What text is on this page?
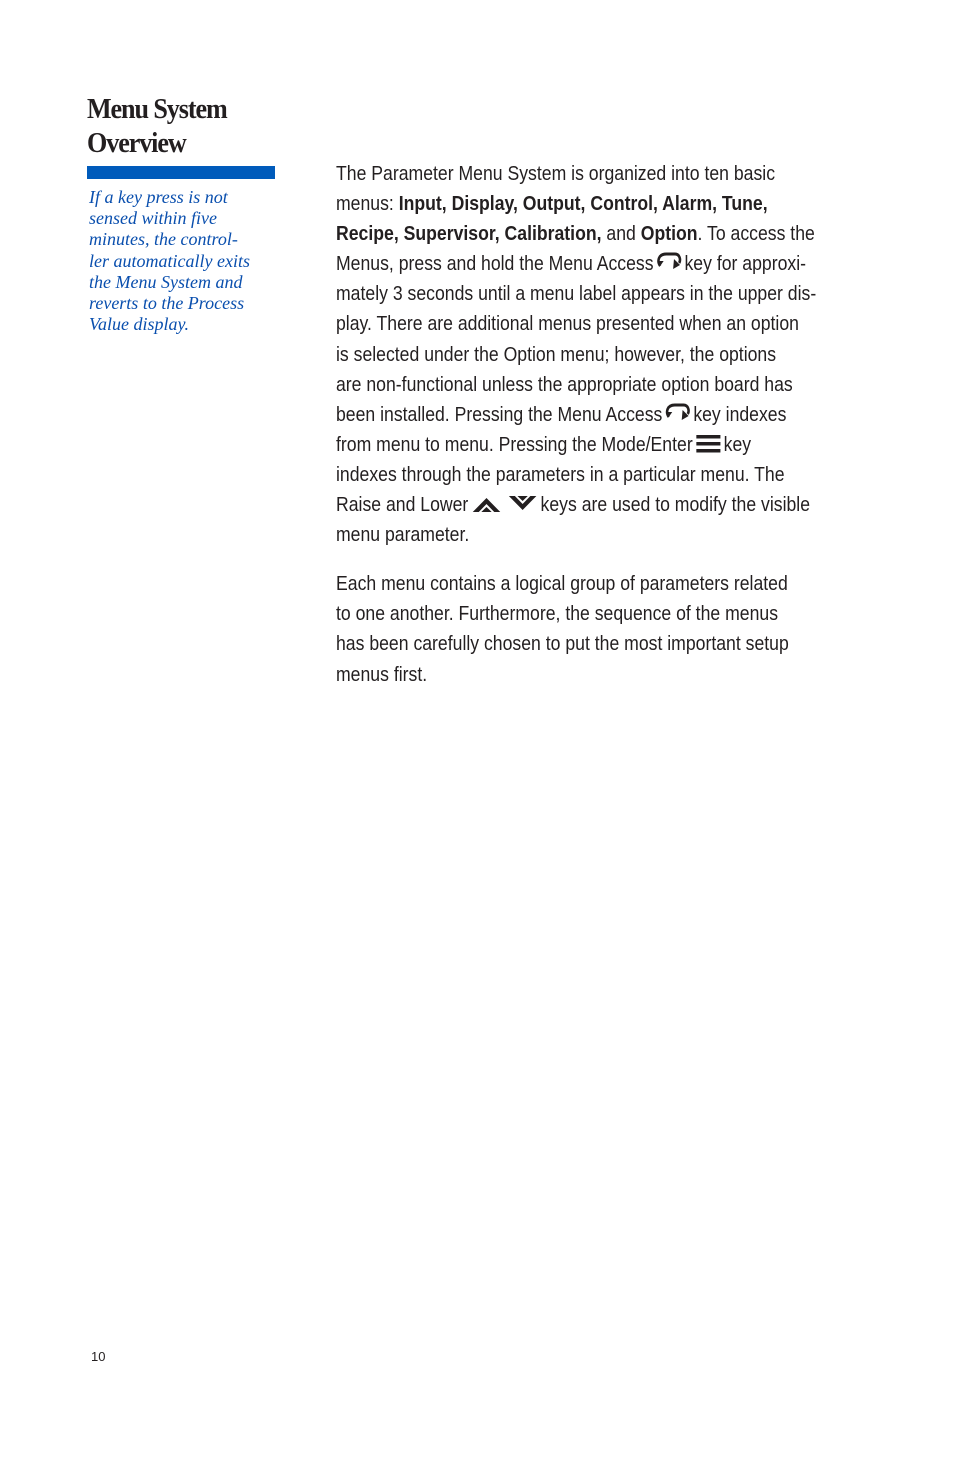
Menu System
Overview
If a key press is not
sensed within five
minutes, the control-
ler automatically exits
the Menu System and
reverts to the Process
Value display.
The Parameter Menu System is organized into ten basic
menus: Input, Display, Output, Control, Alarm, Tune,
Recipe, Supervisor, Calibration, and Option. To access the
Menus, press and hold the Menu Access key for approxi-
mately 3 seconds until a menu label appears in the upper dis-
play. There are additional menus presented when an option
is selected under the Option menu; however, the options
are non-functional unless the appropriate option board has
been installed. Pressing the Menu Access key indexes
from menu to menu. Pressing the Mode/Enter key
indexes through the parameters in a particular menu. The
Raise and Lower	keys are used to modify the visible
menu parameter.
Each menu contains a logical group of parameters related
to one another. Furthermore, the sequence of the menus
has been carefully chosen to put the most important setup
menus first.
10
